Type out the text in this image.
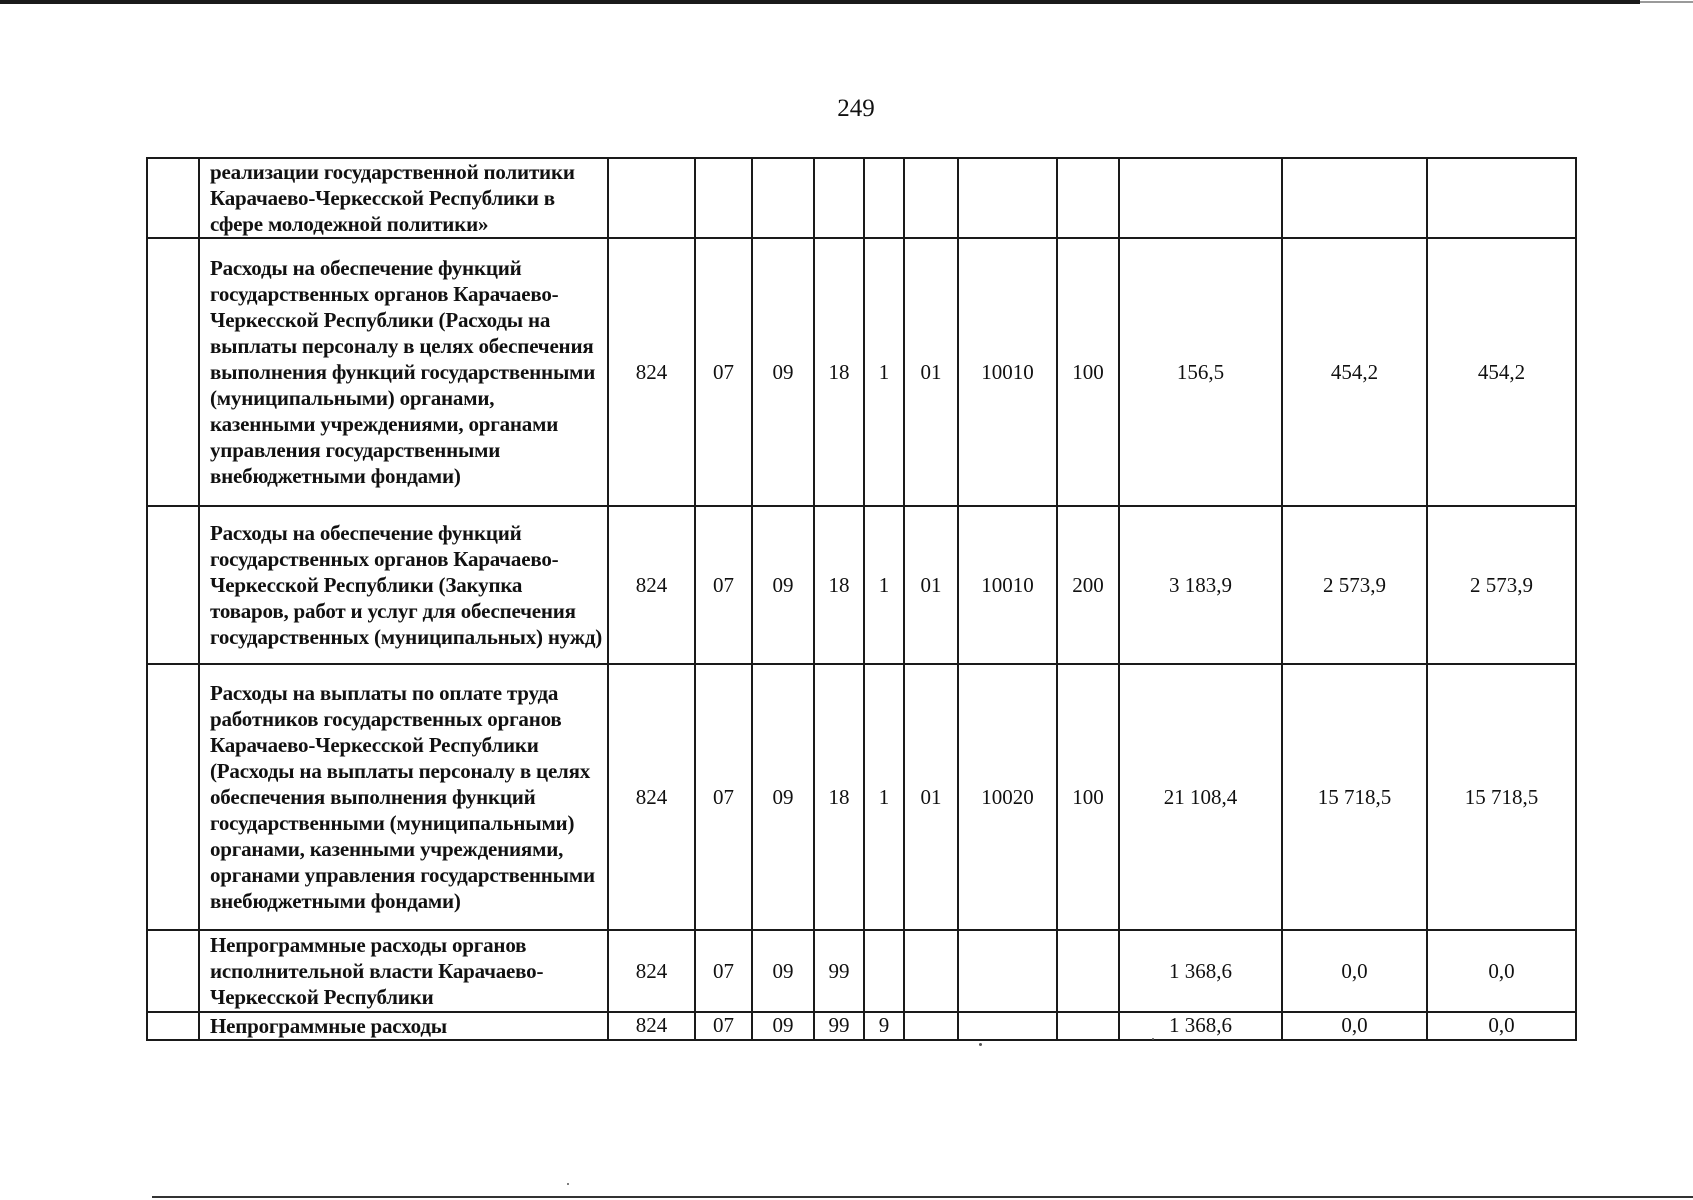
249
	реализации государственной политики Карачаево-Черкесской Республики в сфере молодежной политики»											
	Расходы на обеспечение функций государственных органов Карачаево-Черкесской Республики (Расходы на выплаты персоналу в целях обеспечения выполнения функций государственными (муниципальными) органами, казенными учреждениями, органами управления государственными внебюджетными фондами)	824	07	09	18	1	01	10010	100	156,5	454,2	454,2
	Расходы на обеспечение функций государственных органов Карачаево-Черкесской Республики (Закупка товаров, работ и услуг для обеспечения государственных (муниципальных) нужд)	824	07	09	18	1	01	10010	200	3 183,9	2 573,9	2 573,9
	Расходы на выплаты по оплате труда работников государственных органов Карачаево-Черкесской Республики (Расходы на выплаты персоналу в целях обеспечения выполнения функций государственными (муниципальными) органами, казенными учреждениями, органами управления государственными внебюджетными фондами)	824	07	09	18	1	01	10020	100	21 108,4	15 718,5	15 718,5
	Непрограммные расходы органов исполнительной власти Карачаево-Черкесской Республики	824	07	09	99					1 368,6	0,0	0,0
	Непрограммные расходы	824	07	09	99	9				1 368,6	0,0	0,0
